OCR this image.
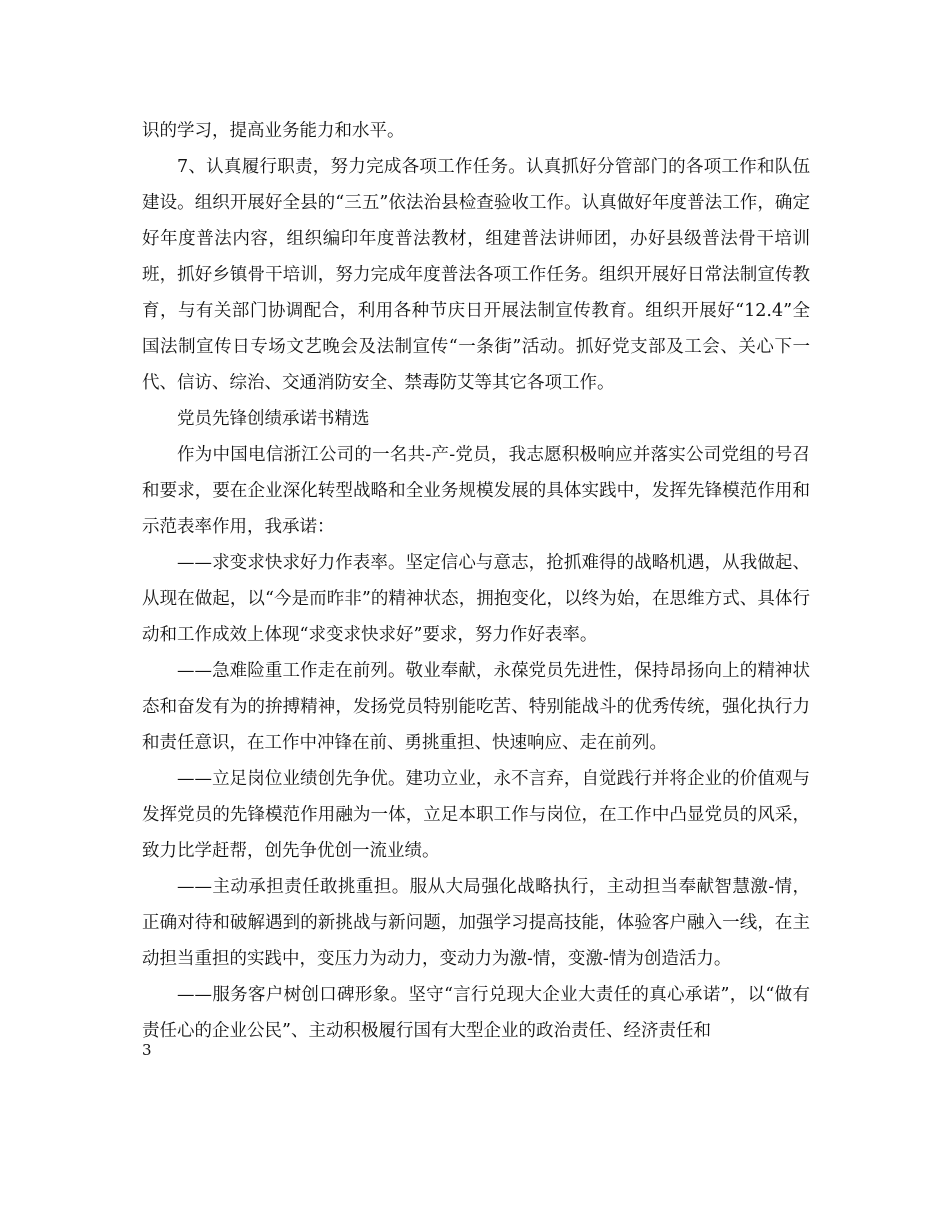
识的学习，提高业务能力和水平。

7、认真履行职责，努力完成各项工作任务。认真抓好分管部门的各项工作和队伍建设。组织开展好全县的“三五”依法治县检查验收工作。认真做好年度普法工作，确定好年度普法内容，组织编印年度普法教材，组建普法讲师团，办好县级普法骨干培训班，抓好乡镇骨干培训，努力完成年度普法各项工作任务。组织开展好日常法制宣传教育，与有关部门协调配合，利用各种节庆日开展法制宣传教育。组织开展好“12.4”全国法制宣传日专场文艺晚会及法制宣传“一条街”活动。抓好党支部及工会、关心下一代、信访、综治、交通消防安全、禁毒防艾等其它各项工作。

党员先锋创绩承诺书精选

作为中国电信浙江公司的一名共-产-党员，我志愿积极响应并落实公司党组的号召和要求，要在企业深化转型战略和全业务规模发展的具体实践中，发挥先锋模范作用和示范表率作用，我承诺：

——求变求快求好力作表率。坚定信心与意志，抢抓难得的战略机遇，从我做起、从现在做起，以“今是而昨非”的精神状态，拥抱变化，以终为始，在思维方式、具体行动和工作成效上体现“求变求快求好”要求，努力作好表率。

——急难险重工作走在前列。敬业奉献，永葆党员先进性，保持昂扬向上的精神状态和奋发有为的拚搏精神，发扬党员特别能吃苦、特别能战斗的优秀传统，强化执行力和责任意识，在工作中冲锋在前、勇挑重担、快速响应、走在前列。

——立足岗位业绩创先争优。建功立业，永不言弃，自觉践行并将企业的价值观与发挥党员的先锋模范作用融为一体，立足本职工作与岗位，在工作中凸显党员的风采，致力比学赶帮，创先争优创一流业绩。

——主动承担责任敢挑重担。服从大局强化战略执行，主动担当奉献智慧激-情，正确对待和破解遇到的新挑战与新问题，加强学习提高技能，体验客户融入一线，在主动担当重担的实践中，变压力为动力，变动力为激-情，变激-情为创造活力。

——服务客户树创口碑形象。坚守“言行兑现大企业大责任的真心承诺”，以“做有责任心的企业公民”、主动积极履行国有大型企业的政治责任、经济责任和

3
